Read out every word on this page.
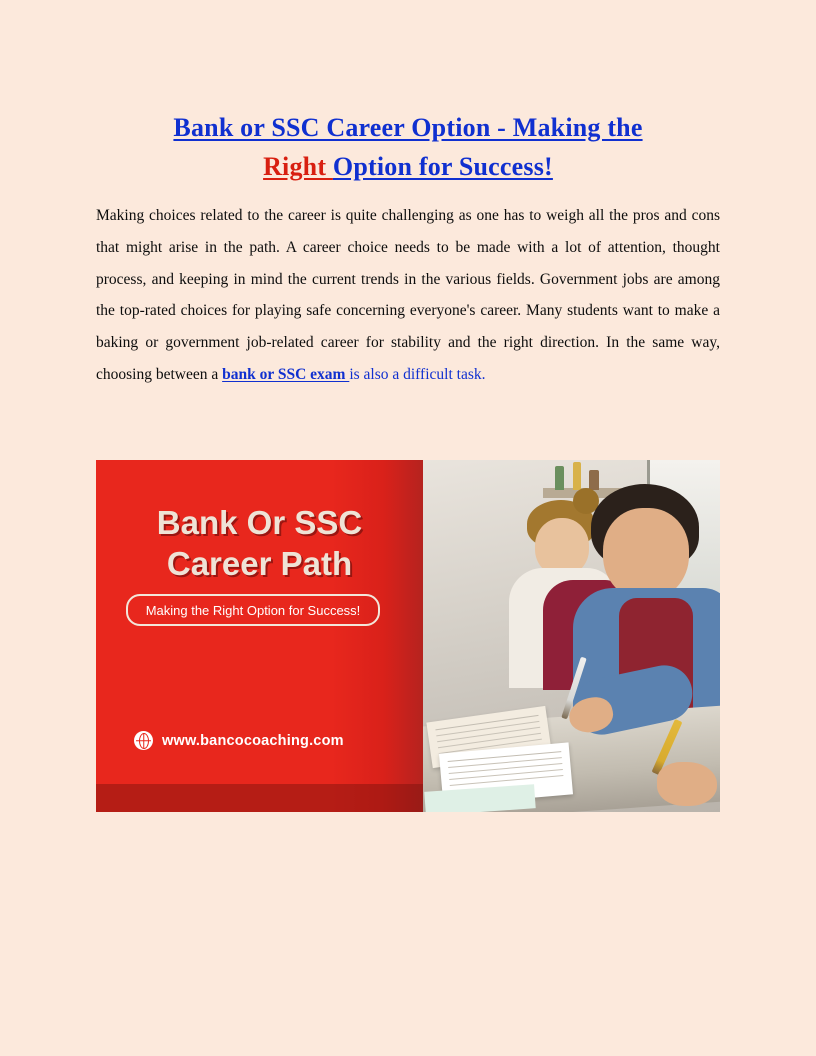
Bank or SSC Career Option - Making the
Right Option for Success!

Making choices related to the career is quite challenging as one has to weigh all the pros and cons that might arise in the path. A career choice needs to be made with a lot of attention, thought process, and keeping in mind the current trends in the various fields. Government jobs are among the top-rated choices for playing safe concerning everyone's career. Many students want to make a baking or government job-related career for stability and the right direction. In the same way, choosing between a bank or SSC exam is also a difficult task.

Bank Or SSC
Career Path
Making the Right Option for Success!
www.bancocoaching.com
